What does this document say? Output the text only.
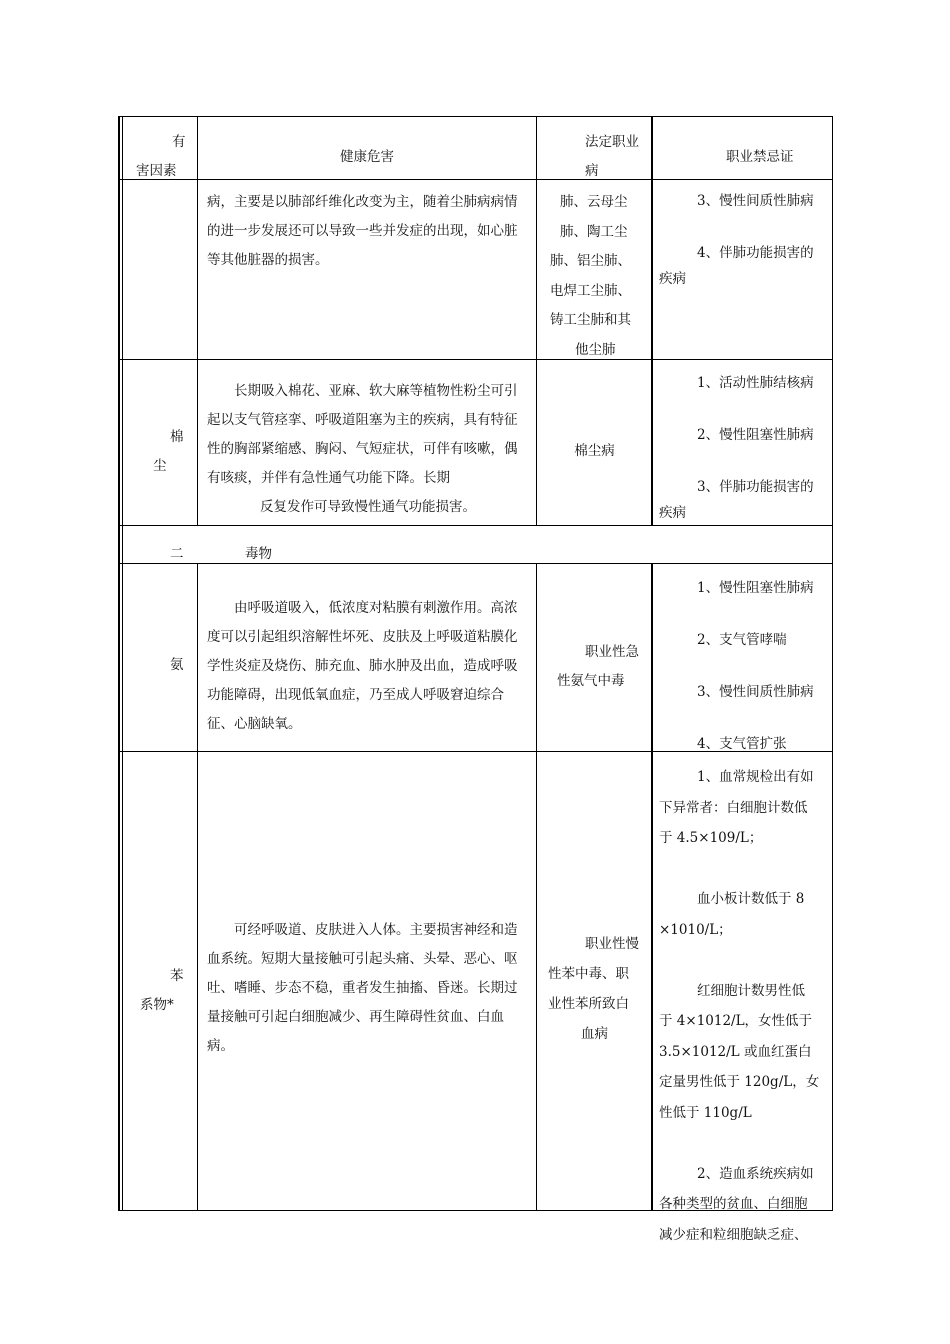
有
害因素
健康危害
法定职业
病
职业禁忌证
病，主要是以肺部纤维化改变为主，随着尘肺病病情的进一步发展还可以导致一些并发症的出现，如心脏等其他脏器的损害。
肺、云母尘
肺、陶工尘
肺、铝尘肺、
电焊工尘肺、
铸工尘肺和其
他尘肺
3、慢性间质性肺病

4、伴肺功能损害的
疾病
棉
尘
长期吸入棉花、亚麻、软大麻等植物性粉尘可引起以支气管痉挛、呼吸道阻塞为主的疾病，具有特征性的胸部紧缩感、胸闷、气短症状，可伴有咳嗽，偶有咳痰，并伴有急性通气功能下降。长期
反复发作可导致慢性通气功能损害。
棉尘病
1、活动性肺结核病

2、慢性阻塞性肺病

3、伴肺功能损害的
疾病
二	毒物
氨
由呼吸道吸入，低浓度对粘膜有刺激作用。高浓度可以引起组织溶解性坏死、皮肤及上呼吸道粘膜化学性炎症及烧伤、肺充血、肺水肿及出血，造成呼吸功能障碍，出现低氧血症，乃至成人呼吸窘迫综合征、心脑缺氧。
职业性急
性氨气中毒
1、慢性阻塞性肺病

2、支气管哮喘

3、慢性间质性肺病

4、支气管扩张
苯
系物*
可经呼吸道、皮肤进入人体。主要损害神经和造血系统。短期大量接触可引起头痛、头晕、恶心、呕吐、嗜睡、步态不稳，重者发生抽搐、昏迷。长期过量接触可引起白细胞减少、再生障碍性贫血、白血病。
职业性慢
性苯中毒、职
业性苯所致白
血病
1、血常规检出有如
下异常者：白细胞计数低
于 4.5×109/L；

血小板计数低于 8
×1010/L；

红细胞计数男性低
于 4×1012/L，女性低于
3.5×1012/L 或血红蛋白
定量男性低于 120g/L，女
性低于 110g/L

2、造血系统疾病如
各种类型的贫血、白细胞
减少症和粒细胞缺乏症、
